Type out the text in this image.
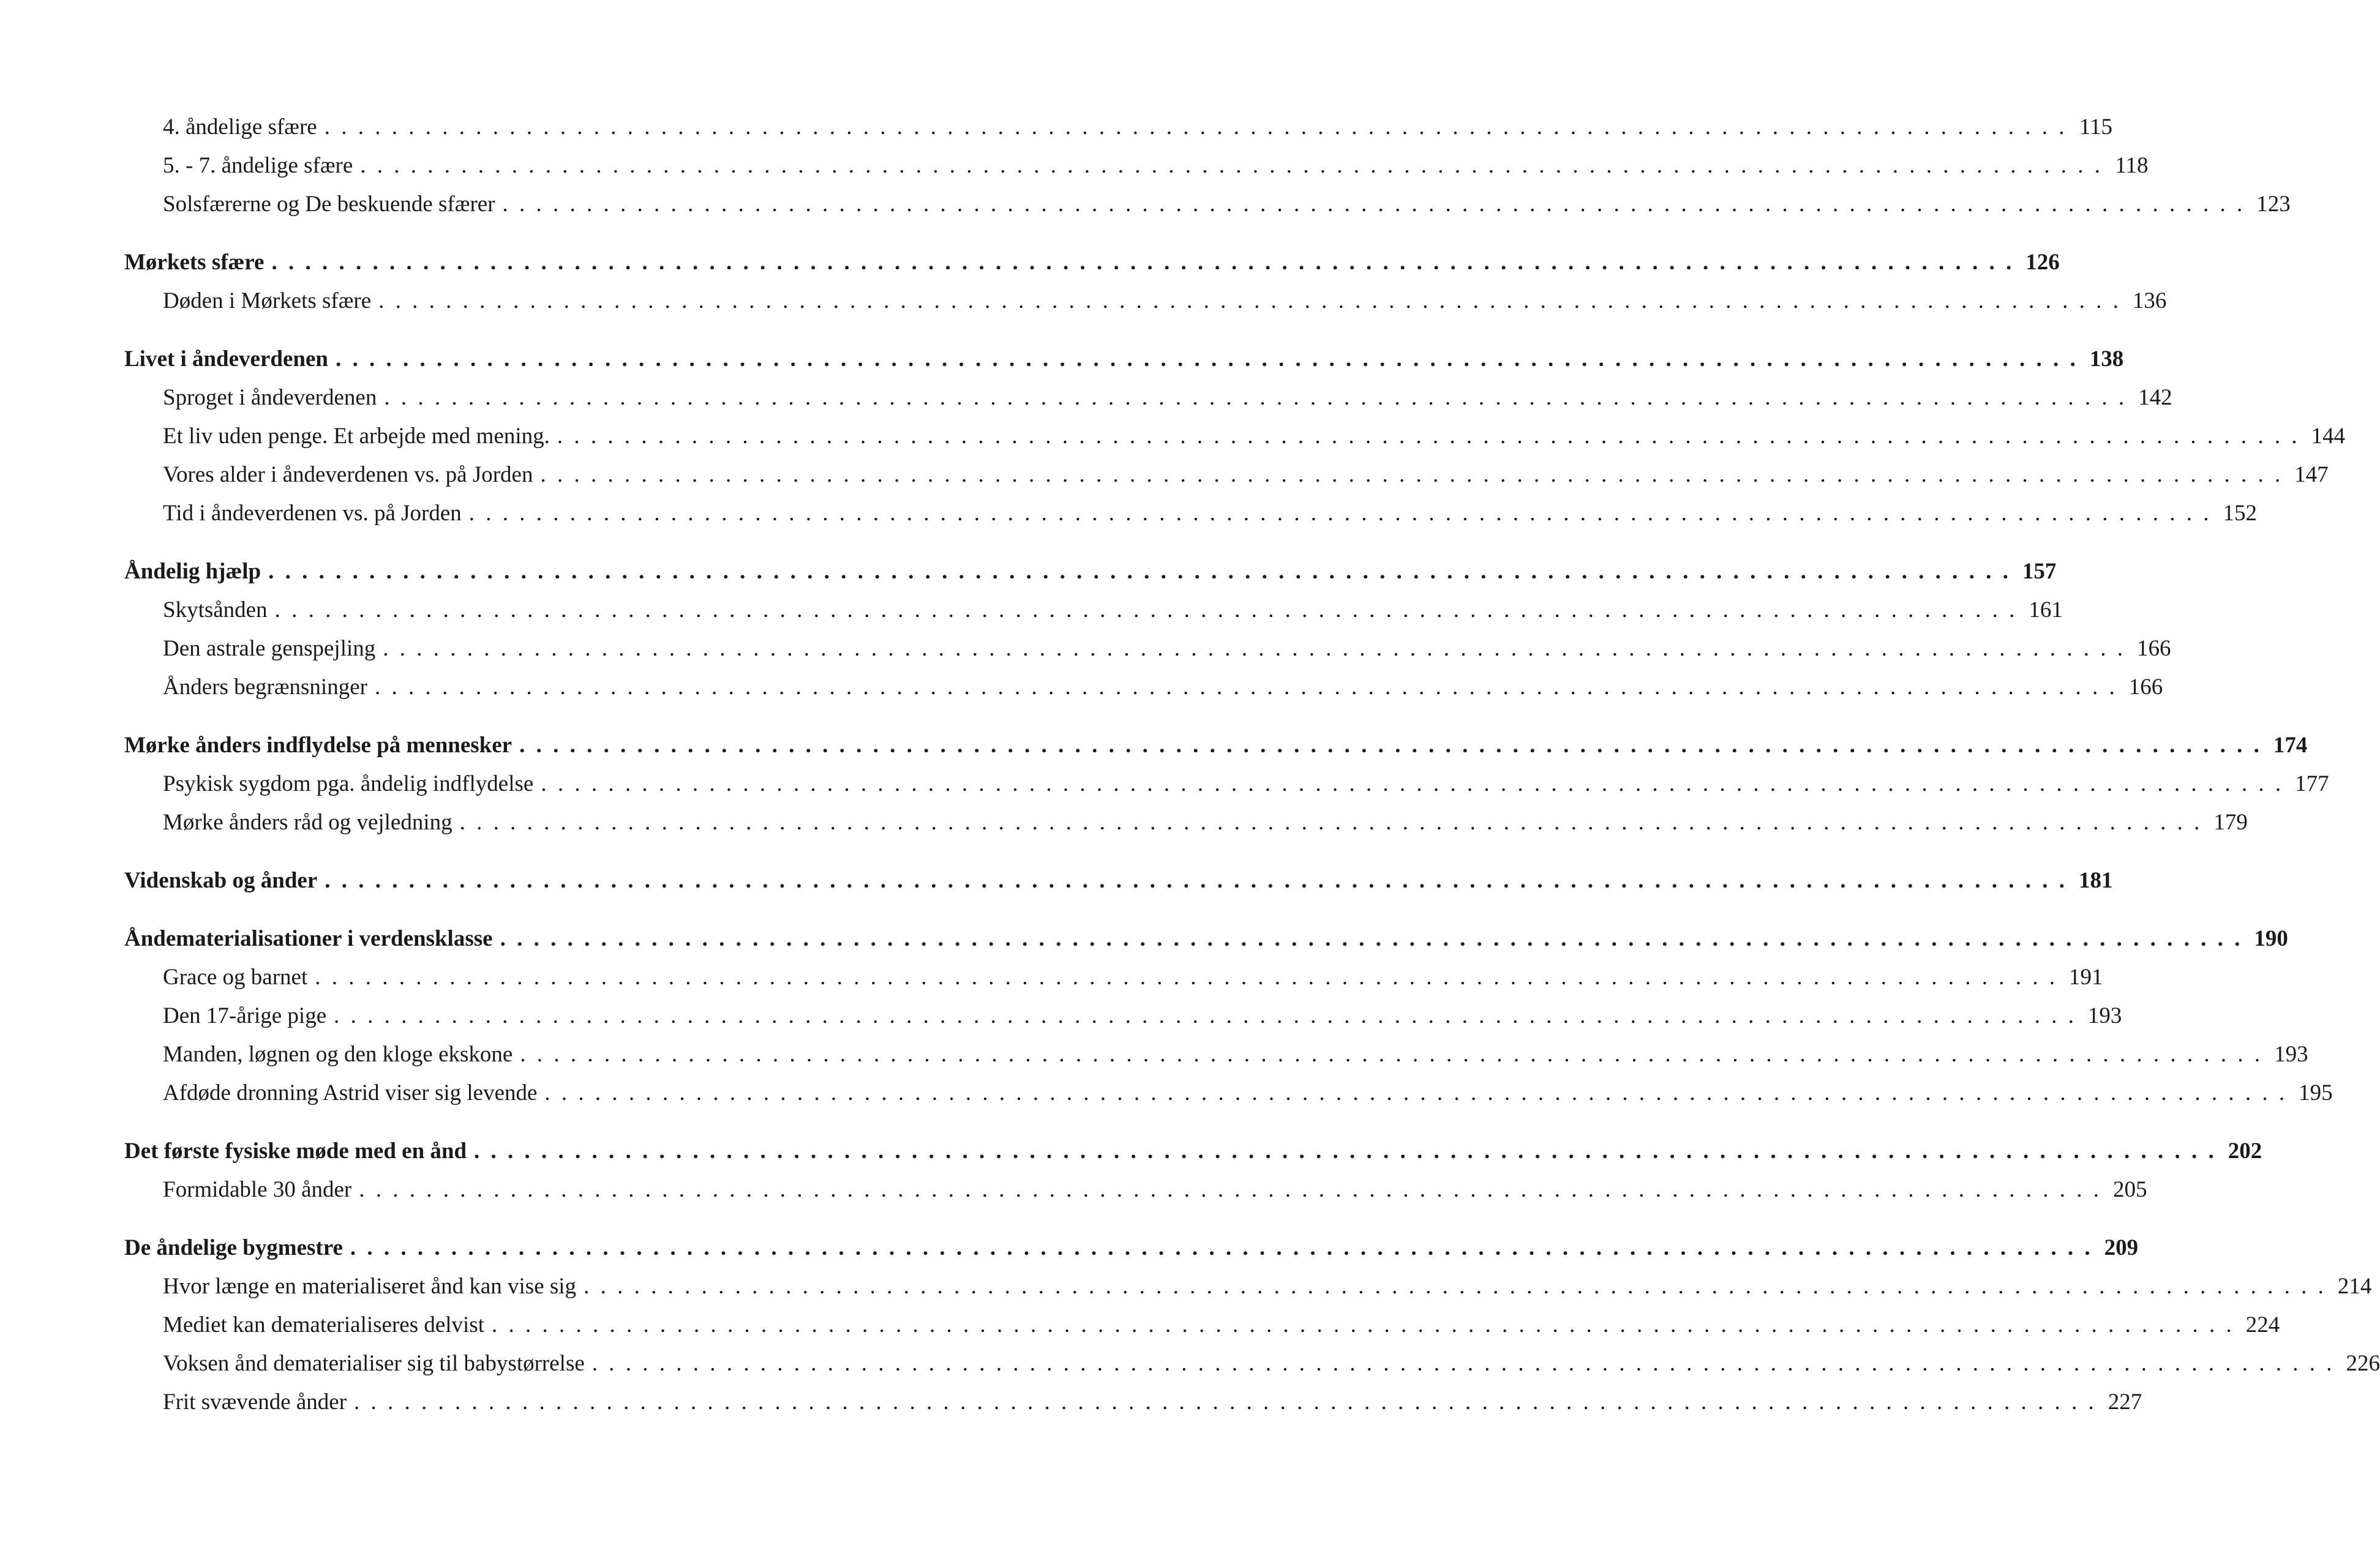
4. åndelige sfære . . . . . . . . . . . . . . . . . . . . . . . . . . . . . . . . . . . . . . . . . . . . . . . . . . . . . . . . . . . . . . . . . . . . . . . . . . . . . . . . . . . . . . . . . . . . . . . . . . . . . . . . 115
5. - 7. åndelige sfære . . . . . . . . . . . . . . . . . . . . . . . . . . . . . . . . . . . . . . . . . . . . . . . . . . . . . . . . . . . . . . . . . . . . . . . . . . . . . . . . . . . . . . . . . . . . . . . . . . . . . . . . 118
Solsfærerne og De beskuende sfærer . . . . . . . . . . . . . . . . . . . . . . . . . . . . . . . . . . . . . . . . . . . . . . . . . . . . . . . . . . . . . . . . . . . . . . . . . . . . . . . . . . . . . . . . . . . . . . . . . . . . . . . . 123
Mørkets sfære . . . . . . . . . . . . . . . . . . . . . . . . . . . . . . . . . . . . . . . . . . . . . . . . . . . . . . . . . . . . . . . . . . . . . . . . . . . . . . . . . . . . . . . . . . . . . . . . . . . . . . . . 126
Døden i Mørkets sfære . . . . . . . . . . . . . . . . . . . . . . . . . . . . . . . . . . . . . . . . . . . . . . . . . . . . . . . . . . . . . . . . . . . . . . . . . . . . . . . . . . . . . . . . . . . . . . . . . . . . . . . . 136
Livet i åndeverdenen . . . . . . . . . . . . . . . . . . . . . . . . . . . . . . . . . . . . . . . . . . . . . . . . . . . . . . . . . . . . . . . . . . . . . . . . . . . . . . . . . . . . . . . . . . . . . . . . . . . . . . . . 138
Sproget i åndeverdenen . . . . . . . . . . . . . . . . . . . . . . . . . . . . . . . . . . . . . . . . . . . . . . . . . . . . . . . . . . . . . . . . . . . . . . . . . . . . . . . . . . . . . . . . . . . . . . . . . . . . . . . . 142
Et liv uden penge. Et arbejde med mening. . . . . . . . . . . . . . . . . . . . . . . . . . . . . . . . . . . . . . . . . . . . . . . . . . . . . . . . . . . . . . . . . . . . . . . . . . . . . . . . . . . . . . . . . . . . . . . . . . . . . . . . . 144
Vores alder i åndeverdenen vs. på Jorden . . . . . . . . . . . . . . . . . . . . . . . . . . . . . . . . . . . . . . . . . . . . . . . . . . . . . . . . . . . . . . . . . . . . . . . . . . . . . . . . . . . . . . . . . . . . . . . . . . . . . . . . 147
Tid i åndeverdenen vs. på Jorden . . . . . . . . . . . . . . . . . . . . . . . . . . . . . . . . . . . . . . . . . . . . . . . . . . . . . . . . . . . . . . . . . . . . . . . . . . . . . . . . . . . . . . . . . . . . . . . . . . . . . . . . 152
Åndelig hjælp . . . . . . . . . . . . . . . . . . . . . . . . . . . . . . . . . . . . . . . . . . . . . . . . . . . . . . . . . . . . . . . . . . . . . . . . . . . . . . . . . . . . . . . . . . . . . . . . . . . . . . . . 157
Skytsånden . . . . . . . . . . . . . . . . . . . . . . . . . . . . . . . . . . . . . . . . . . . . . . . . . . . . . . . . . . . . . . . . . . . . . . . . . . . . . . . . . . . . . . . . . . . . . . . . . . . . . . . . 161
Den astrale genspejling . . . . . . . . . . . . . . . . . . . . . . . . . . . . . . . . . . . . . . . . . . . . . . . . . . . . . . . . . . . . . . . . . . . . . . . . . . . . . . . . . . . . . . . . . . . . . . . . . . . . . . . . 166
Ånders begrænsninger . . . . . . . . . . . . . . . . . . . . . . . . . . . . . . . . . . . . . . . . . . . . . . . . . . . . . . . . . . . . . . . . . . . . . . . . . . . . . . . . . . . . . . . . . . . . . . . . . . . . . . . . 166
Mørke ånders indflydelse på mennesker . . . . . . . . . . . . . . . . . . . . . . . . . . . . . . . . . . . . . . . . . . . . . . . . . . . . . . . . . . . . . . . . . . . . . . . . . . . . . . . . . . . . . . . . . . . . . . . . . . . . . . . . 174
Psykisk sygdom pga. åndelig indflydelse . . . . . . . . . . . . . . . . . . . . . . . . . . . . . . . . . . . . . . . . . . . . . . . . . . . . . . . . . . . . . . . . . . . . . . . . . . . . . . . . . . . . . . . . . . . . . . . . . . . . . . . . 177
Mørke ånders råd og vejledning . . . . . . . . . . . . . . . . . . . . . . . . . . . . . . . . . . . . . . . . . . . . . . . . . . . . . . . . . . . . . . . . . . . . . . . . . . . . . . . . . . . . . . . . . . . . . . . . . . . . . . . . 179
Videnskab og ånder . . . . . . . . . . . . . . . . . . . . . . . . . . . . . . . . . . . . . . . . . . . . . . . . . . . . . . . . . . . . . . . . . . . . . . . . . . . . . . . . . . . . . . . . . . . . . . . . . . . . . . . . 181
Åndematerialisationer i verdensklasse . . . . . . . . . . . . . . . . . . . . . . . . . . . . . . . . . . . . . . . . . . . . . . . . . . . . . . . . . . . . . . . . . . . . . . . . . . . . . . . . . . . . . . . . . . . . . . . . . . . . . . . . 190
Grace og barnet . . . . . . . . . . . . . . . . . . . . . . . . . . . . . . . . . . . . . . . . . . . . . . . . . . . . . . . . . . . . . . . . . . . . . . . . . . . . . . . . . . . . . . . . . . . . . . . . . . . . . . . . 191
Den 17-årige pige . . . . . . . . . . . . . . . . . . . . . . . . . . . . . . . . . . . . . . . . . . . . . . . . . . . . . . . . . . . . . . . . . . . . . . . . . . . . . . . . . . . . . . . . . . . . . . . . . . . . . . . . 193
Manden, løgnen og den kloge ekskone . . . . . . . . . . . . . . . . . . . . . . . . . . . . . . . . . . . . . . . . . . . . . . . . . . . . . . . . . . . . . . . . . . . . . . . . . . . . . . . . . . . . . . . . . . . . . . . . . . . . . . . . 193
Afdøde dronning Astrid viser sig levende . . . . . . . . . . . . . . . . . . . . . . . . . . . . . . . . . . . . . . . . . . . . . . . . . . . . . . . . . . . . . . . . . . . . . . . . . . . . . . . . . . . . . . . . . . . . . . . . . . . . . . . . 195
Det første fysiske møde med en ånd . . . . . . . . . . . . . . . . . . . . . . . . . . . . . . . . . . . . . . . . . . . . . . . . . . . . . . . . . . . . . . . . . . . . . . . . . . . . . . . . . . . . . . . . . . . . . . . . . . . . . . . . 202
Formidable 30 ånder . . . . . . . . . . . . . . . . . . . . . . . . . . . . . . . . . . . . . . . . . . . . . . . . . . . . . . . . . . . . . . . . . . . . . . . . . . . . . . . . . . . . . . . . . . . . . . . . . . . . . . . . 205
De åndelige bygmestre . . . . . . . . . . . . . . . . . . . . . . . . . . . . . . . . . . . . . . . . . . . . . . . . . . . . . . . . . . . . . . . . . . . . . . . . . . . . . . . . . . . . . . . . . . . . . . . . . . . . . . . . 209
Hvor længe en materialiseret ånd kan vise sig . . . . . . . . . . . . . . . . . . . . . . . . . . . . . . . . . . . . . . . . . . . . . . . . . . . . . . . . . . . . . . . . . . . . . . . . . . . . . . . . . . . . . . . . . . . . . . . . . . . . . . . . 214
Mediet kan dematerialiseres delvist . . . . . . . . . . . . . . . . . . . . . . . . . . . . . . . . . . . . . . . . . . . . . . . . . . . . . . . . . . . . . . . . . . . . . . . . . . . . . . . . . . . . . . . . . . . . . . . . . . . . . . . . 224
Voksen ånd dematerialiser sig til babystørrelse . . . . . . . . . . . . . . . . . . . . . . . . . . . . . . . . . . . . . . . . . . . . . . . . . . . . . . . . . . . . . . . . . . . . . . . . . . . . . . . . . . . . . . . . . . . . . . . . . . . . . . . . 226
Frit svævende ånder . . . . . . . . . . . . . . . . . . . . . . . . . . . . . . . . . . . . . . . . . . . . . . . . . . . . . . . . . . . . . . . . . . . . . . . . . . . . . . . . . . . . . . . . . . . . . . . . . . . . . . . . 227
